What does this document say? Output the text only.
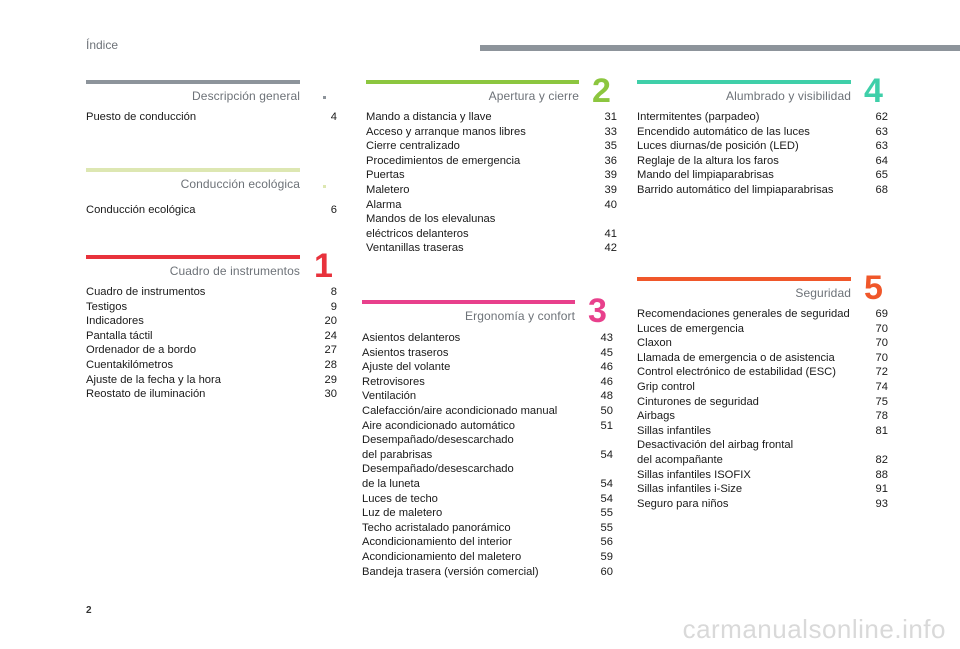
Índice
Descripción general
Puesto de conducción	4
Conducción ecológica
Conducción ecológica	6
Cuadro de instrumentos 1
Cuadro de instrumentos	8
Testigos	9
Indicadores	20
Pantalla táctil	24
Ordenador de a bordo	27
Cuentakilómetros	28
Ajuste de la fecha y la hora	29
Reostato de iluminación	30
Apertura y cierre 2
Mando a distancia y llave	31
Acceso y arranque manos libres	33
Cierre centralizado	35
Procedimientos de emergencia	36
Puertas	39
Maletero	39
Alarma	40
Mandos de los elevalunas
eléctricos delanteros	41
Ventanillas traseras	42
Ergonomía y confort 3
Asientos delanteros	43
Asientos traseros	45
Ajuste del volante	46
Retrovisores	46
Ventilación	48
Calefacción/aire acondicionado manual	50
Aire acondicionado automático	51
Desempañado/desescarchado
del parabrisas	54
Desempañado/desescarchado
de la luneta	54
Luces de techo	54
Luz de maletero	55
Techo acristalado panorámico	55
Acondicionamiento del interior	56
Acondicionamiento del maletero	59
Bandeja trasera (versión comercial)	60
Alumbrado y visibilidad 4
Intermitentes (parpadeo)	62
Encendido automático de las luces	63
Luces diurnas/de posición (LED)	63
Reglaje de la altura los faros	64
Mando del limpiaparabrisas	65
Barrido automático del limpiaparabrisas	68
Seguridad 5
Recomendaciones generales de seguridad	69
Luces de emergencia	70
Claxon	70
Llamada de emergencia o de asistencia	70
Control electrónico de estabilidad (ESC)	72
Grip control	74
Cinturones de seguridad	75
Airbags	78
Sillas infantiles	81
Desactivación del airbag frontal
del acompañante	82
Sillas infantiles ISOFIX	88
Sillas infantiles i-Size	91
Seguro para niños	93
2
carmanualsonline.info
